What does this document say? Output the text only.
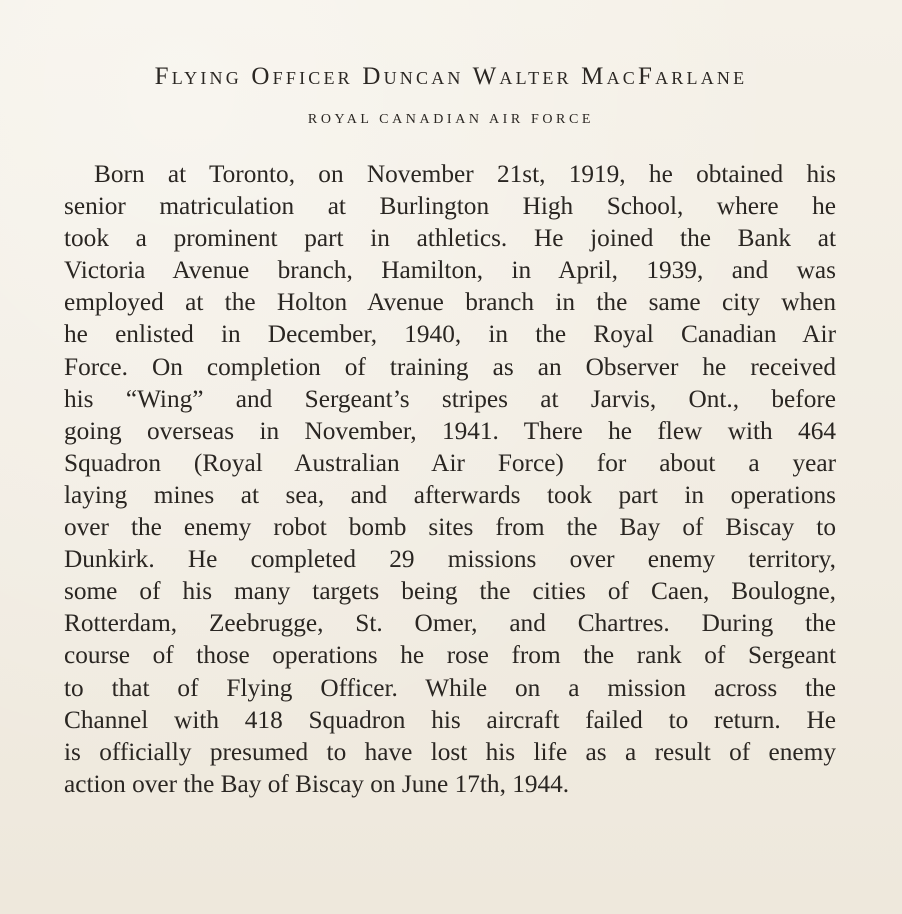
Flying Officer Duncan Walter MacFarlane
ROYAL CANADIAN AIR FORCE
Born at Toronto, on November 21st, 1919, he obtained his
senior matriculation at Burlington High School, where he
took a prominent part in athletics. He joined the Bank at
Victoria Avenue branch, Hamilton, in April, 1939, and was
employed at the Holton Avenue branch in the same city when
he enlisted in December, 1940, in the Royal Canadian Air
Force. On completion of training as an Observer he received
his “Wing” and Sergeant’s stripes at Jarvis, Ont., before
going overseas in November, 1941. There he flew with 464
Squadron (Royal Australian Air Force) for about a year
laying mines at sea, and afterwards took part in operations
over the enemy robot bomb sites from the Bay of Biscay to
Dunkirk. He completed 29 missions over enemy territory,
some of his many targets being the cities of Caen, Boulogne,
Rotterdam, Zeebrugge, St. Omer, and Chartres. During the
course of those operations he rose from the rank of Sergeant
to that of Flying Officer. While on a mission across the
Channel with 418 Squadron his aircraft failed to return. He
is officially presumed to have lost his life as a result of enemy
action over the Bay of Biscay on June 17th, 1944.
